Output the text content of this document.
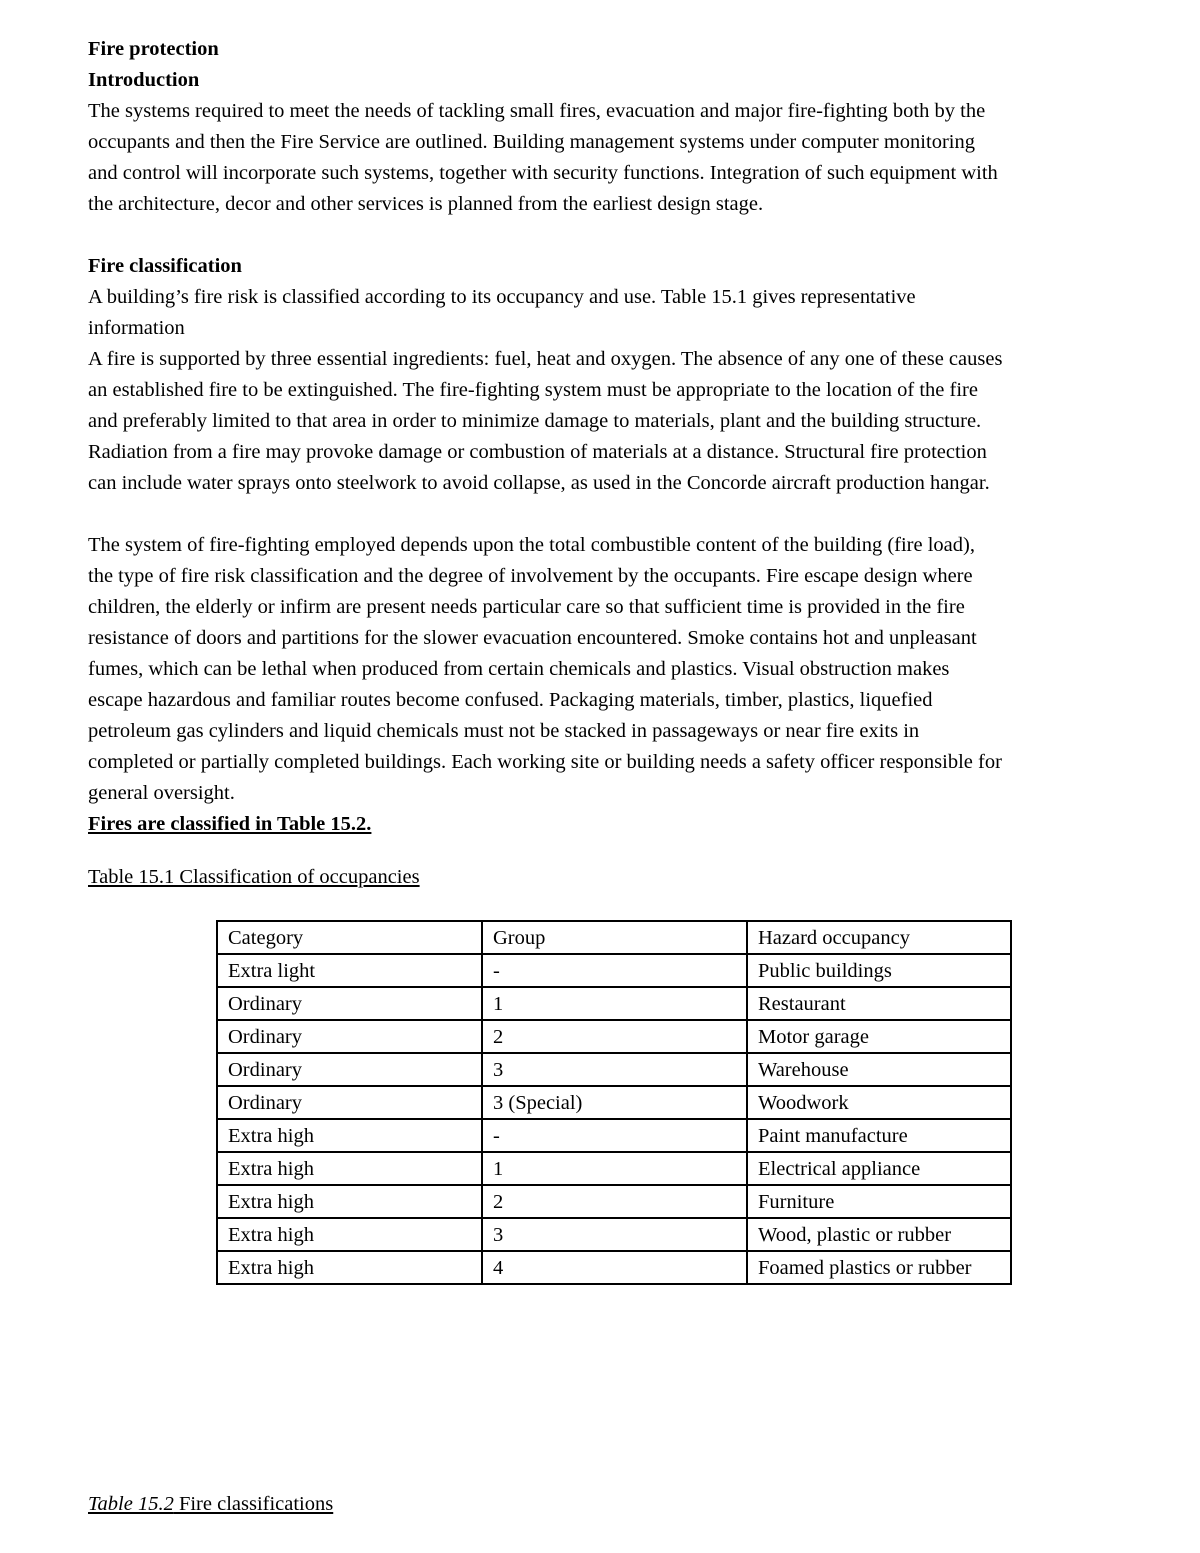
Fire protection
Introduction
The systems required to meet the needs of tackling small fires, evacuation and major fire-fighting both by the
occupants and then the Fire Service are outlined. Building management systems under computer monitoring
and control will incorporate such systems, together with security functions. Integration of such equipment with
the architecture, decor and other services is planned from the earliest design stage.
Fire classification
A building’s fire risk is classified according to its occupancy and use. Table 15.1 gives representative
information
A fire is supported by three essential ingredients: fuel, heat and oxygen. The absence of any one of these causes
an established fire to be extinguished. The fire-fighting system must be appropriate to the location of the fire
and preferably limited to that area in order to minimize damage to materials, plant and the building structure.
Radiation from a fire may provoke damage or combustion of materials at a distance. Structural fire protection
can include water sprays onto steelwork to avoid collapse, as used in the Concorde aircraft production hangar.
The system of fire-fighting employed depends upon the total combustible content of the building (fire load),
the type of fire risk classification and the degree of involvement by the occupants. Fire escape design where
children, the elderly or infirm are present needs particular care so that sufficient time is provided in the fire
resistance of doors and partitions for the slower evacuation encountered. Smoke contains hot and unpleasant
fumes, which can be lethal when produced from certain chemicals and plastics. Visual obstruction makes
escape hazardous and familiar routes become confused. Packaging materials, timber, plastics, liquefied
petroleum gas cylinders and liquid chemicals must not be stacked in passageways or near fire exits in
completed or partially completed buildings. Each working site or building needs a safety officer responsible for
general oversight.
Fires are classified in Table 15.2.
Table 15.1 Classification of occupancies
Category	Group	Hazard occupancy
Extra light	-	Public buildings
Ordinary	1	Restaurant
Ordinary	2	Motor garage
Ordinary	3	Warehouse
Ordinary	3 (Special)	Woodwork
Extra high	-	Paint manufacture
Extra high	1	Electrical appliance
Extra high	2	Furniture
Extra high	3	Wood, plastic or rubber
Extra high	4	Foamed plastics or rubber
Table 15.2 Fire classifications
